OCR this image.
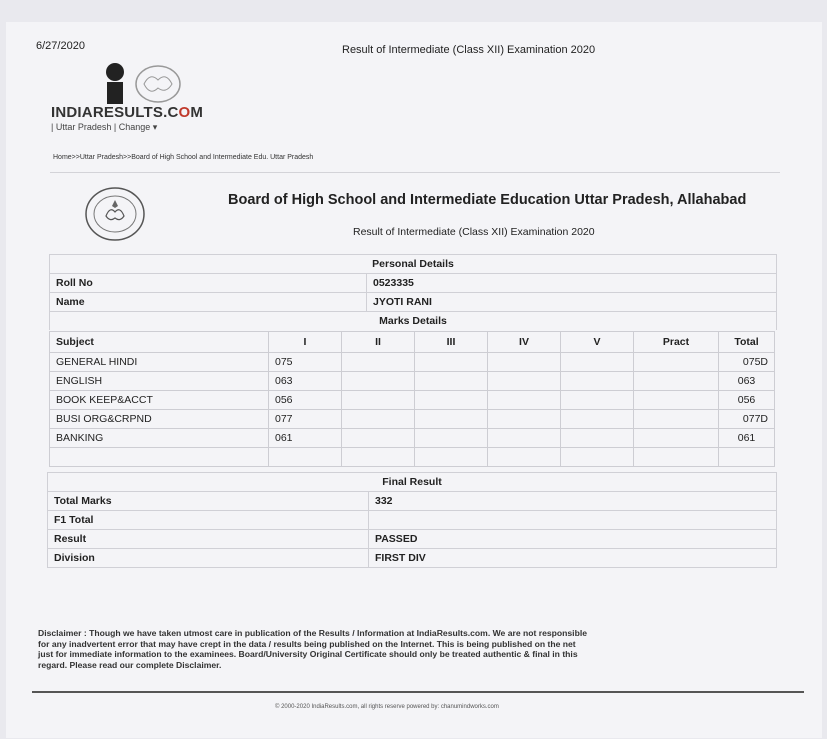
6/27/2020	Result of Intermediate (Class XII) Examination 2020
INDIARESULTS.COM
| Uttar Pradesh | Change ▾
Home>>Uttar Pradesh>>Board of High School and Intermediate Edu. Uttar Pradesh
Board of High School and Intermediate Education Uttar Pradesh, Allahabad
Result of Intermediate (Class XII) Examination 2020
Personal Details	
Roll No	0523335
Name	JYOTI RANI
Marks Details	
Subject	I	II	III	IV	V	Pract	Total
GENERAL HINDI	075						075D
ENGLISH	063						063
BOOK KEEP&ACCT	056						056
BUSI ORG&CRPND	077						077D
BANKING	061						061

Final Result	
Total Marks	332
F1 Total	
Result	PASSED
Division	FIRST DIV
Disclaimer : Though we have taken utmost care in publication of the Results / Information at IndiaResults.com. We are not responsible for any inadvertent error that may have crept in the data / results being published on the Internet. This is being published on the net just for immediate information to the examinees. Board/University Original Certificate should only be treated authentic & final in this regard. Please read our complete Disclaimer.
© 2000-2020 IndiaResults.com, all rights reserve powered by: chanumindworks.com
